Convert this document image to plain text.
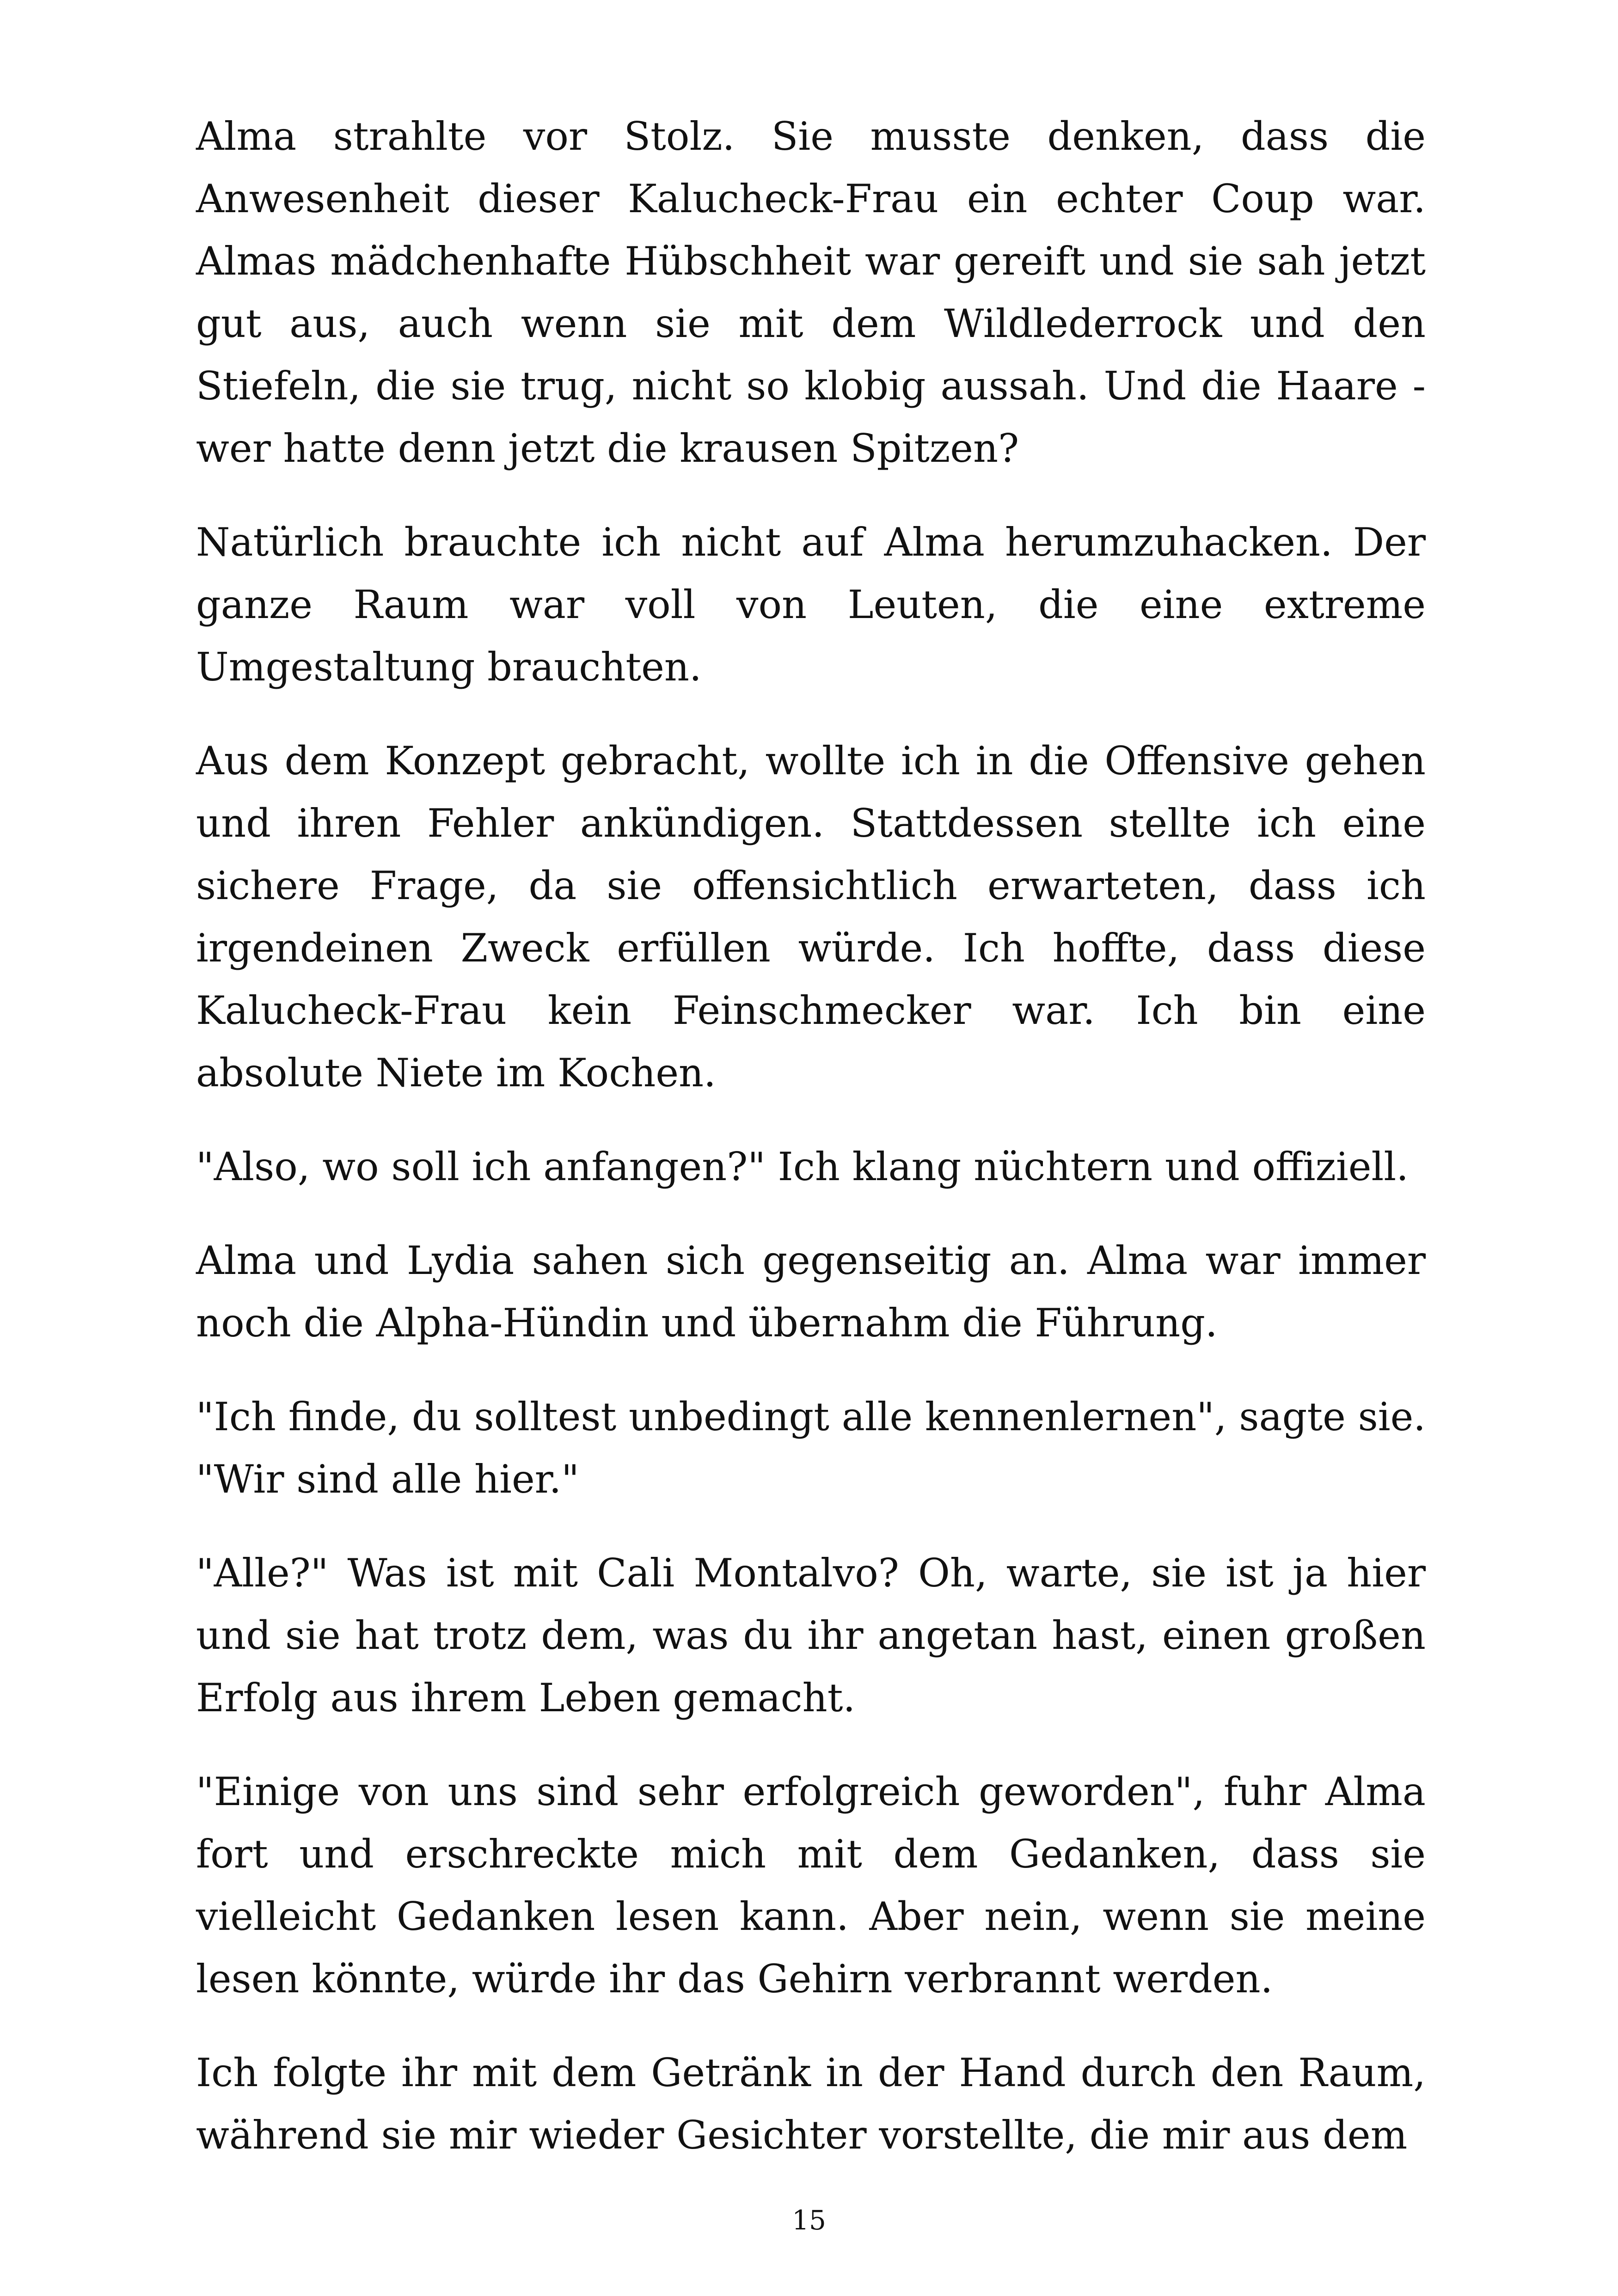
Alma strahlte vor Stolz. Sie musste denken, dass die Anwesenheit dieser Kalucheck-Frau ein echter Coup war. Almas mädchenhafte Hübschheit war gereift und sie sah jetzt gut aus, auch wenn sie mit dem Wildlederrock und den Stiefeln, die sie trug, nicht so klobig aussah. Und die Haare - wer hatte denn jetzt die krausen Spitzen?

Natürlich brauchte ich nicht auf Alma herumzuhacken. Der ganze Raum war voll von Leuten, die eine extreme Umgestaltung brauchten.

Aus dem Konzept gebracht, wollte ich in die Offensive gehen und ihren Fehler ankündigen. Stattdessen stellte ich eine sichere Frage, da sie offensichtlich erwarteten, dass ich irgendeinen Zweck erfüllen würde. Ich hoffte, dass diese Kalucheck-Frau kein Feinschmecker war. Ich bin eine absolute Niete im Kochen.

"Also, wo soll ich anfangen?" Ich klang nüchtern und offiziell.

Alma und Lydia sahen sich gegenseitig an. Alma war immer noch die Alpha-Hündin und übernahm die Führung.

"Ich finde, du solltest unbedingt alle kennenlernen", sagte sie. "Wir sind alle hier."

"Alle?" Was ist mit Cali Montalvo? Oh, warte, sie ist ja hier und sie hat trotz dem, was du ihr angetan hast, einen großen Erfolg aus ihrem Leben gemacht.

"Einige von uns sind sehr erfolgreich geworden", fuhr Alma fort und erschreckte mich mit dem Gedanken, dass sie vielleicht Gedanken lesen kann. Aber nein, wenn sie meine lesen könnte, würde ihr das Gehirn verbrannt werden.

Ich folgte ihr mit dem Getränk in der Hand durch den Raum, während sie mir wieder Gesichter vorstellte, die mir aus dem

15
